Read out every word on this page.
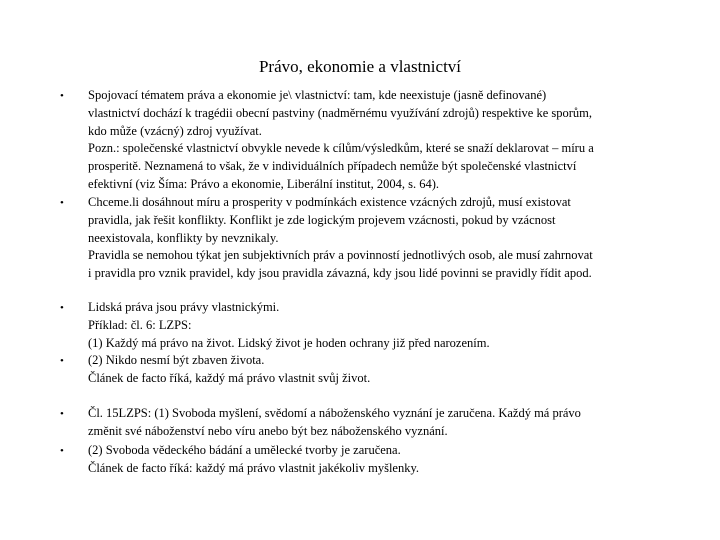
Právo, ekonomie a vlastnictví
•	Spojovací tématem práva a ekonomie je\ vlastnictví: tam, kde neexistuje (jasně definované)
vlastnictví dochází k tragédii obecní pastviny (nadměrnému využívání zdrojů) respektive ke sporům,
kdo může (vzácný) zdroj využívat.
Pozn.: společenské vlastnictví obvykle nevede k cílům/výsledkům, které se snaží deklarovat – míru a
prosperitě. Neznamená to však, že v individuálních případech nemůže být společenské vlastnictví
efektivní (viz Šíma: Právo a ekonomie, Liberální institut, 2004, s. 64).
•	Chceme.li dosáhnout míru a prosperity v podmínkách existence vzácných zdrojů, musí existovat
pravidla, jak řešit konflikty. Konflikt je zde logickým projevem vzácnosti, pokud by vzácnost
neexistovala, konflikty by nevznikaly.
Pravidla se nemohou týkat jen subjektivních práv a povinností jednotlivých osob, ale musí zahrnovat
i pravidla pro vznik pravidel, kdy jsou pravidla závazná, kdy jsou lidé povinni se pravidly řídit apod.
•	Lidská práva jsou právy vlastnickými.
Příklad: čl. 6: LZPS:
(1) Každý má právo na život. Lidský život je hoden ochrany již před narozením.
•	(2) Nikdo nesmí být zbaven života.
Článek de facto říká, každý má právo vlastnit svůj život.
•	Čl. 15LZPS: (1) Svoboda myšlení, svědomí a náboženského vyznání je zaručena. Každý má právo
změnit své náboženství nebo víru anebo být bez náboženského vyznání.
•	(2) Svoboda vědeckého bádání a umělecké tvorby je zaručena.
Článek de facto říká: každý má právo vlastnit jakékoliv myšlenky.
